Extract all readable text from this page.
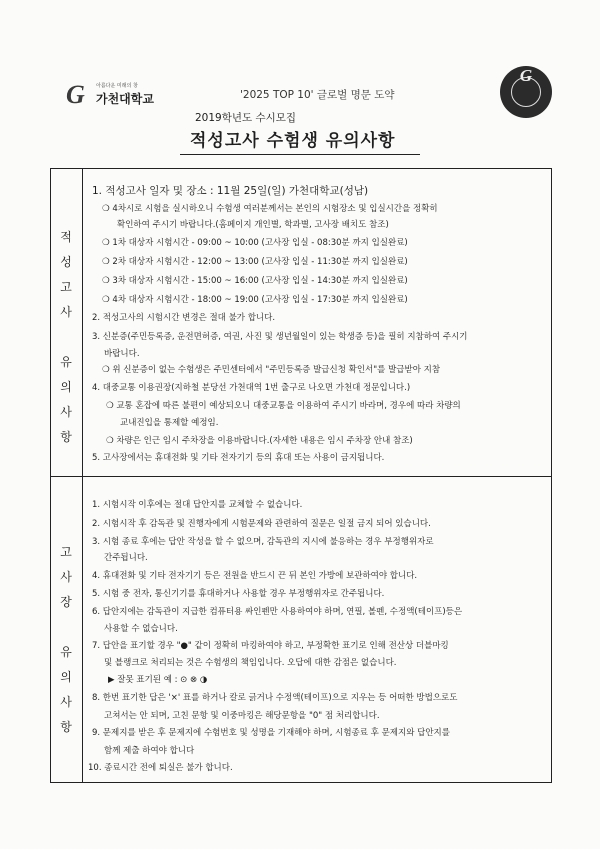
G 아름다운 미래의 창
가천대학교	'2025 TOP 10' 글로벌 명문 도약
G
2019학년도 수시모집
적성고사 수험생 유의사항
적
성
고
사

유
의
사
항
고
사
장

유
의
사
항
1. 적성고사 일자 및 장소 : 11월 25일(일) 가천대학교(성남)
❍ 4차시로 시험을 실시하오니 수험생 여러분께서는 본인의 시험장소 및 입실시간을 정확히
확인하여 주시기 바랍니다.(홈페이지 개인별, 학과별, 고사장 배치도 참조)
❍ 1차 대상자 시험시간 - 09:00 ~ 10:00 (고사장 입실 - 08:30분 까지 입실완료)
❍ 2차 대상자 시험시간 - 12:00 ~ 13:00 (고사장 입실 - 11:30분 까지 입실완료)
❍ 3차 대상자 시험시간 - 15:00 ~ 16:00 (고사장 입실 - 14:30분 까지 입실완료)
❍ 4차 대상자 시험시간 - 18:00 ~ 19:00 (고사장 입실 - 17:30분 까지 입실완료)
2. 적성고사의 시험시간 변경은 절대 불가 합니다.
3. 신분증(주민등록증, 운전면허증, 여권, 사진 및 생년월일이 있는 학생증 등)을 필히 지참하여 주시기
바랍니다.
❍ 위 신분증이 없는 수험생은 주민센터에서 "주민등록증 발급신청 확인서"를 발급받아 지참
4. 대중교통 이용권장(지하철 분당선 가천대역 1번 출구로 나오면 가천대 정문입니다.)
❍ 교통 혼잡에 따른 불편이 예상되오니 대중교통을 이용하여 주시기 바라며, 경우에 따라 차량의
교내진입을 통제할 예정임.
❍ 차량은 인근 임시 주차장을 이용바랍니다.(자세한 내용은 임시 주차장 안내 참조)
5. 고사장에서는 휴대전화 및 기타 전자기기 등의 휴대 또는 사용이 금지됩니다.
1. 시험시작 이후에는 절대 답안지를 교체할 수 없습니다.
2. 시험시작 후 감독관 및 진행자에게 시험문제와 관련하여 질문은 일절 금지 되어 있습니다.
3. 시험 종료 후에는 답안 작성을 할 수 없으며, 감독관의 지시에 불응하는 경우 부정행위자로
간주됩니다.
4. 휴대전화 및 기타 전자기기 등은 전원을 반드시 끈 뒤 본인 가방에 보관하여야 합니다.
5. 시험 중 전자, 통신기기를 휴대하거나 사용할 경우 부정행위자로 간주됩니다.
6. 답안지에는 감독관이 지급한 컴퓨터용 싸인펜만 사용하여야 하며, 연필, 볼펜, 수정액(테이프)등은
사용할 수 없습니다.
7. 답안을 표기할 경우 "●" 같이 정확히 마킹하여야 하고, 부정확한 표기로 인해 전산상 더블마킹
및 블랭크로 처리되는 것은 수험생의 책임입니다. 오답에 대한 감점은 없습니다.
▶ 잘못 표기된 예 : ⊙ ⊗ ◑
8. 한번 표기한 답은 '×' 표를 하거나 칼로 긁거나 수정액(테이프)으로 지우는 등 어떠한 방법으로도
고쳐서는 안 되며, 고친 문항 및 이중마킹은 해당문항을 "0" 점 처리합니다.
9. 문제지를 받은 후 문제지에 수험번호 및 성명을 기재해야 하며, 시험종료 후 문제지와 답안지를
함께 제출 하여야 합니다
10. 종료시간 전에 퇴실은 불가 합니다.
